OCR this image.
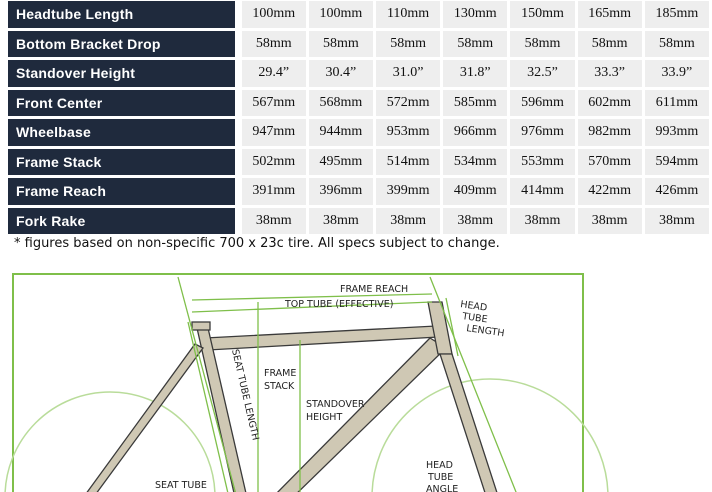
Headtube Length		100mm	100mm	110mm	130mm	150mm	165mm	185mm
Bottom Bracket Drop		58mm	58mm	58mm	58mm	58mm	58mm	58mm
Standover Height		29.4”	30.4”	31.0”	31.8”	32.5”	33.3”	33.9”
Front Center		567mm	568mm	572mm	585mm	596mm	602mm	611mm
Wheelbase		947mm	944mm	953mm	966mm	976mm	982mm	993mm
Frame Stack		502mm	495mm	514mm	534mm	553mm	570mm	594mm
Frame Reach		391mm	396mm	399mm	409mm	414mm	422mm	426mm
Fork Rake		38mm	38mm	38mm	38mm	38mm	38mm	38mm
* figures based on non-specific 700 x 23c tire. All specs subject to change.
FRAME REACH
TOP TUBE (EFFECTIVE)	HEAD
TUBE
LENGTH
SEAT TUBE LENGTH FRAME
STACK
STANDOVER
HEIGHT
HEAD
TUBE
ANGLE
SEAT TUBE
